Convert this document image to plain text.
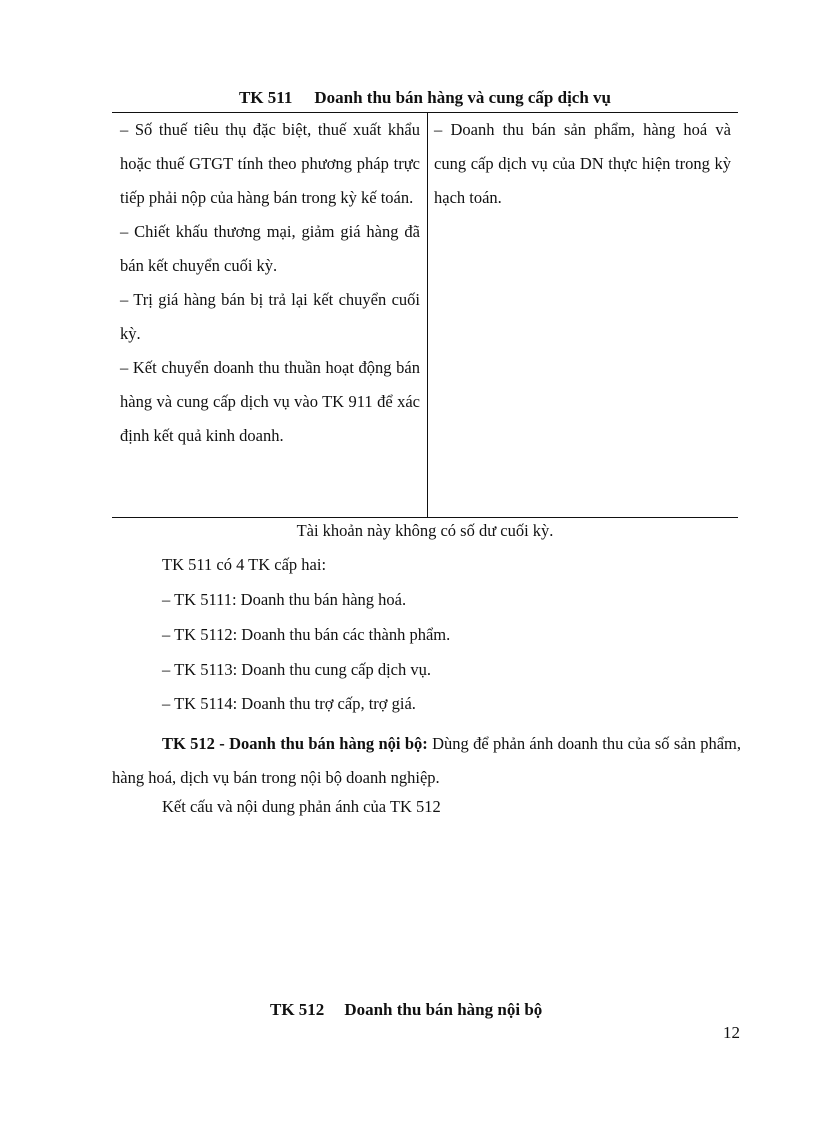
TK 511 Doanh thu bán hàng và cung cấp dịch vụ

– Số thuế tiêu thụ đặc biệt, thuế xuất khẩu hoặc thuế GTGT tính theo phương pháp trực tiếp phải nộp của hàng bán trong kỳ kế toán.

– Chiết khấu thương mại, giảm giá hàng đã bán kết chuyển cuối kỳ.

– Trị giá hàng bán bị trả lại kết chuyển cuối kỳ.

– Kết chuyển doanh thu thuần hoạt động bán hàng và cung cấp dịch vụ vào TK 911 để xác định kết quả kinh doanh.

– Doanh thu bán sản phẩm, hàng hoá và cung cấp dịch vụ của DN thực hiện trong kỳ hạch toán.

Tài khoản này không có số dư cuối kỳ.
TK 511 có 4 TK cấp hai:
– TK 5111: Doanh thu bán hàng hoá.
– TK 5112: Doanh thu bán các thành phẩm.
– TK 5113: Doanh thu cung cấp dịch vụ.
– TK 5114: Doanh thu trợ cấp, trợ giá.
TK 512 - Doanh thu bán hàng nội bộ: Dùng để phản ánh doanh thu của số sản phẩm, hàng hoá, dịch vụ bán trong nội bộ doanh nghiệp.
Kết cấu và nội dung phản ánh của TK 512
TK 512 Doanh thu bán hàng nội bộ
12
